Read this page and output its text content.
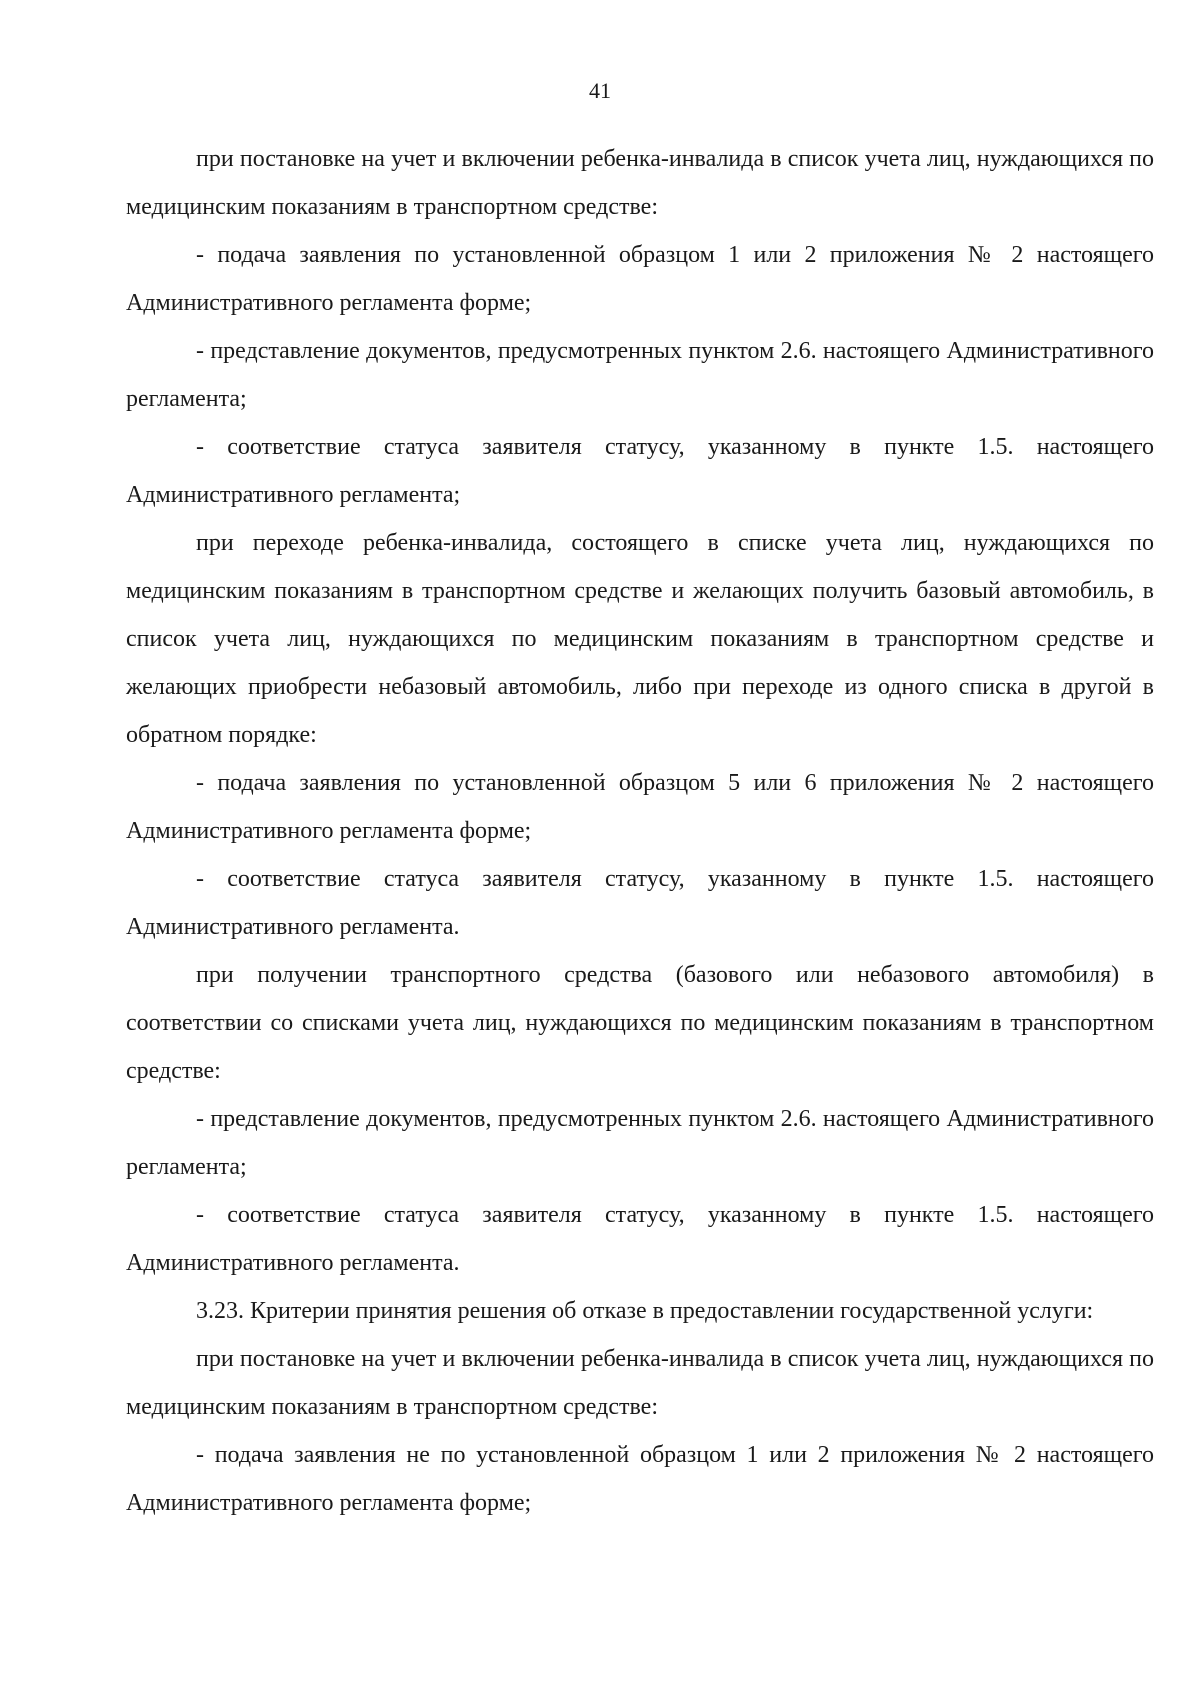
41

при постановке на учет и включении ребенка-инвалида в список учета лиц, нуждающихся по медицинским показаниям в транспортном средстве:

- подача заявления по установленной образцом 1 или 2 приложения № 2 настоящего Административного регламента форме;

- представление документов, предусмотренных пунктом 2.6. настоящего Административного регламента;

- соответствие статуса заявителя статусу, указанному в пункте 1.5. настоящего Административного регламента;

при переходе ребенка-инвалида, состоящего в списке учета лиц, нуждающихся по медицинским показаниям в транспортном средстве и желающих получить базовый автомобиль, в список учета лиц, нуждающихся по медицинским показаниям в транспортном средстве и желающих приобрести небазовый автомобиль, либо при переходе из одного списка в другой в обратном порядке:

- подача заявления по установленной образцом 5 или 6 приложения № 2 настоящего Административного регламента форме;

- соответствие статуса заявителя статусу, указанному в пункте 1.5. настоящего Административного регламента.

при получении транспортного средства (базового или небазового автомобиля) в соответствии со списками учета лиц, нуждающихся по медицинским показаниям в транспортном средстве:

- представление документов, предусмотренных пунктом 2.6. настоящего Административного регламента;

- соответствие статуса заявителя статусу, указанному в пункте 1.5. настоящего Административного регламента.

3.23. Критерии принятия решения об отказе в предоставлении государственной услуги:

при постановке на учет и включении ребенка-инвалида в список учета лиц, нуждающихся по медицинским показаниям в транспортном средстве:

- подача заявления не по установленной образцом 1 или 2 приложения № 2 настоящего Административного регламента форме;
